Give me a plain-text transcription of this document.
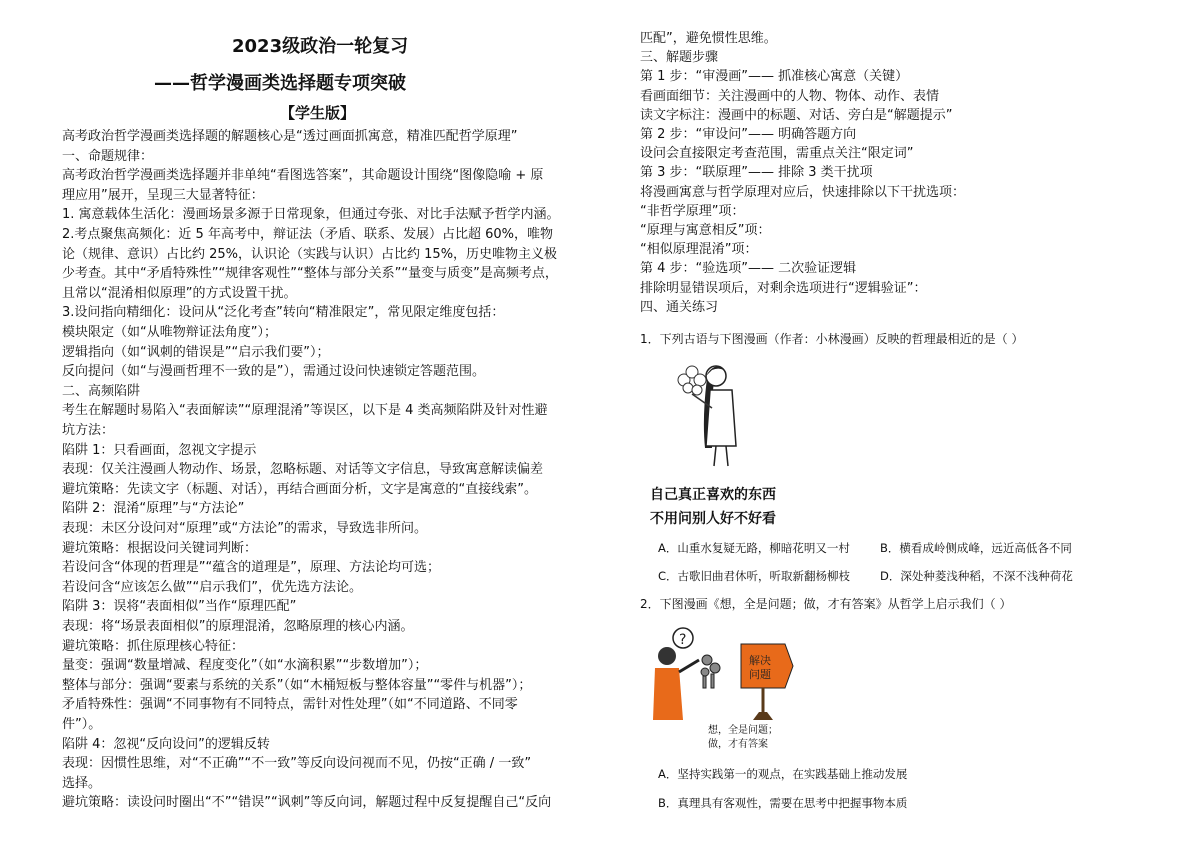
2023级政治一轮复习
——哲学漫画类选择题专项突破
【学生版】
高考政治哲学漫画类选择题的解题核心是“透过画面抓寓意，精准匹配哲学原理”
一、命题规律：
高考政治哲学漫画类选择题并非单纯“看图选答案”，其命题设计围绕“图像隐喻 + 原
理应用”展开，呈现三大显著特征：
1. 寓意载体生活化：漫画场景多源于日常现象，但通过夸张、对比手法赋予哲学内涵。
2.考点聚焦高频化：近 5 年高考中，辩证法（矛盾、联系、发展）占比超 60%，唯物
论（规律、意识）占比约 25%，认识论（实践与认识）占比约 15%，历史唯物主义极
少考查。其中“矛盾特殊性”“规律客观性”“整体与部分关系”“量变与质变”是高频考点，
且常以“混淆相似原理”的方式设置干扰。
3.设问指向精细化：设问从“泛化考查”转向“精准限定”，常见限定维度包括：
模块限定（如“从唯物辩证法角度”）；
逻辑指向（如“讽刺的错误是”“启示我们要”）；
反向提问（如“与漫画哲理不一致的是”），需通过设问快速锁定答题范围。
二、高频陷阱
考生在解题时易陷入“表面解读”“原理混淆”等误区，以下是 4 类高频陷阱及针对性避
坑方法：
陷阱 1：只看画面，忽视文字提示
表现：仅关注漫画人物动作、场景，忽略标题、对话等文字信息，导致寓意解读偏差
避坑策略：先读文字（标题、对话），再结合画面分析，文字是寓意的“直接线索”。
陷阱 2：混淆“原理”与“方法论”
表现：未区分设问对“原理”或“方法论”的需求，导致选非所问。
避坑策略：根据设问关键词判断：
若设问含“体现的哲理是”“蕴含的道理是”，原理、方法论均可选；
若设问含“应该怎么做”“启示我们”，优先选方法论。
陷阱 3：误将“表面相似”当作“原理匹配”
表现：将“场景表面相似”的原理混淆，忽略原理的核心内涵。
避坑策略：抓住原理核心特征：
量变：强调“数量增减、程度变化”（如“水滴积累”“步数增加”）；
整体与部分：强调“要素与系统的关系”（如“木桶短板与整体容量”“零件与机器”）；
矛盾特殊性：强调“不同事物有不同特点，需针对性处理”（如“不同道路、不同零
件”）。
陷阱 4：忽视“反向设问”的逻辑反转
表现：因惯性思维，对“不正确”“不一致”等反向设问视而不见，仍按“正确 / 一致”
选择。
避坑策略：读设问时圈出“不”“错误”“讽刺”等反向词，解题过程中反复提醒自己“反向
匹配”，避免惯性思维。
三、解题步骤
第 1 步：“审漫画”—— 抓准核心寓意（关键）
看画面细节：关注漫画中的人物、物体、动作、表情
读文字标注：漫画中的标题、对话、旁白是“解题提示”
第 2 步：“审设问”—— 明确答题方向
设问会直接限定考查范围，需重点关注“限定词”
第 3 步：“联原理”—— 排除 3 类干扰项
将漫画寓意与哲学原理对应后，快速排除以下干扰选项：
“非哲学原理”项：
“原理与寓意相反”项：
“相似原理混淆”项：
第 4 步：“验选项”—— 二次验证逻辑
排除明显错误项后，对剩余选项进行“逻辑验证”：
四、通关练习
1．下列古语与下图漫画（作者：小林漫画）反映的哲理最相近的是（ ）
自己真正喜欢的东西
不用问别人好不好看
A．山重水复疑无路，柳暗花明又一村	B．横看成岭侧成峰，远近高低各不同
C．古歌旧曲君休听，听取新翻杨柳枝	D．深处种菱浅种稻，不深不浅种荷花
2．下图漫画《想，全是问题；做，才有答案》从哲学上启示我们（ ）
?
解决
问题
想，全是问题；
做，才有答案
A．坚持实践第一的观点，在实践基础上推动发展
B．真理具有客观性，需要在思考中把握事物本质
